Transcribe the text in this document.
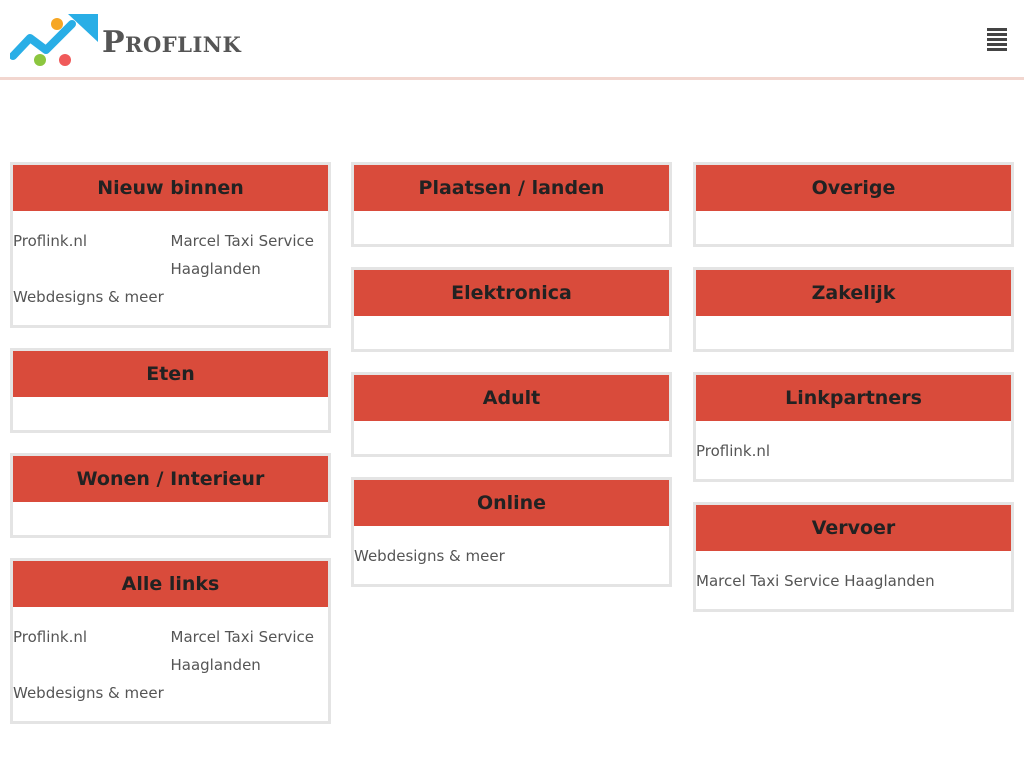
Proflink
Nieuw binnen
Proflink.nl	Marcel Taxi Service Haaglanden
Webdesigns & meer
Eten
Wonen / Interieur
Alle links
Proflink.nl	Marcel Taxi Service Haaglanden
Webdesigns & meer
Plaatsen / landen
Elektronica
Adult
Online
Webdesigns & meer
Overige
Zakelijk
Linkpartners
Proflink.nl
Vervoer
Marcel Taxi Service Haaglanden
